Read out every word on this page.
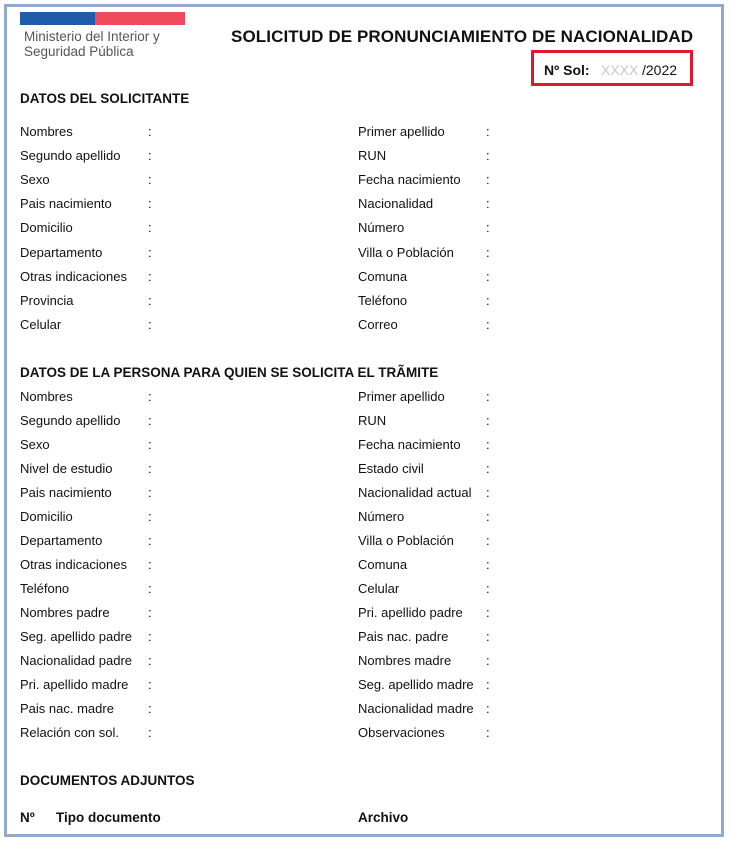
Ministerio del Interior y
Seguridad Pública
SOLICITUD DE PRONUNCIAMIENTO DE NACIONALIDAD
Nº Sol: XXXX /2022
DATOS DEL SOLICITANTE
Nombres	:	Primer apellido	:
Segundo apellido :	RUN	:
Sexo	:	Fecha nacimiento :
Pais nacimiento	:	Nacionalidad	:
Domicilio	:	Número	:
Departamento	:	Villa o Población :
Otras indicaciones :	Comuna	:
Provincia	:	Teléfono	:
Celular	:	Correo	:
DATOS DE LA PERSONA PARA QUIEN SE SOLICITA EL TRÃMITE
Nombres	:	Primer apellido	:
Segundo apellido :	RUN	:
Sexo	:	Fecha nacimiento :
Nivel de estudio	:	Estado civil	:
Pais nacimiento	:	Nacionalidad actual :
Domicilio	:	Número	:
Departamento	:	Villa o Población :
Otras indicaciones :	Comuna	:
Teléfono	:	Celular	:
Nombres padre	:	Pri. apellido padre :
Seg. apellido padre :	Pais nac. padre	:
Nacionalidad padre :	Nombres madre	:
Pri. apellido madre :	Seg. apellido madre :
Pais nac. madre	:	Nacionalidad madre :
Relación con sol. :	Observaciones	:
DOCUMENTOS ADJUNTOS
Nº Tipo documento	Archivo
